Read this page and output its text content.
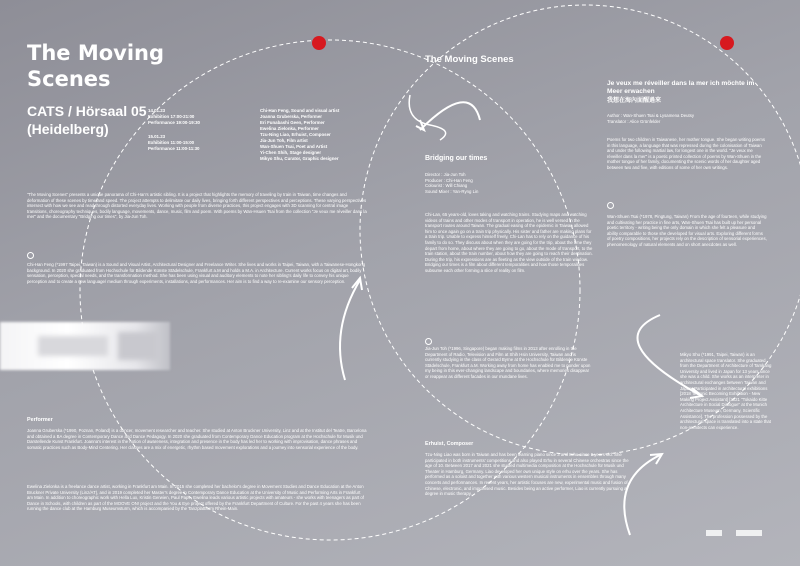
The Moving Scenes
CATS / Hörsaal 05 (Heidelberg)

14.01.23

Exhibition 17:00-21:00

Performance 19:00-19:30

15.01.23

Exhibition 11:00-15:00

Performance 11:00-11:30

Chi-Han Feng, Sound and visual artist

Joanna Gruberska, Performer

Eri Funabashi Geen, Performer

Ewelina Zielonka, Performer

Tzu-Ning Liao, Erhuist, Composer

Jia-Jun Toh, Film artist

Wan-Shuen Tsai, Poet and Artist

Yi-Chen Shih, Stage designer

Mikyo Shu, Curator, Graphic designer

"The Moving Scenes" presents a unique panorama of Chi-Han's artistic sibling. It is a project that highlights the memory of traveling by train in Taiwan, time changes and deformation of these scenes by time and speed. The project attempts to delimitate our daily lives, bringing forth different perspectives and perceptions. These varying perspectives intersect with how we see and read through distorted everyday lives. Working with people from diverse practices, this project engages with 3D scanning for central image transitions, choreography techniques, bodily language, movements, dance, music, film and poem. With poems by Wan-Hsuen Tsai from the collection "Je veux me réveiller dans la mer" and the documentary "Bridging our times", by Jia-Jun Toh.

Chi-Han Feng (*1997 Taipei, Taiwan) is a Sound and Visual Artist, Architectural Designer and Freelance Writer. She lives and works in Taipei, Taiwan, with a Taiwanese-Hongkong background. In 2020 she graduated from Hochschule für Bildende Künste Städelschule, Frankfurt a.M and holds a M.A. in Architecture. Current works focus on digital art, bodily sensation, perception, special needs, and the transformation method. She has been using visual and auditory elements to note her sibling's daily life to convey his unique perception and to create a new language/ medium through experiments, installations, and performances. Her aim is to find a way to re-examine our sensory perception.

Performer

Joanna Gruberska (*1990, Poznan, Poland) is a dancer, movement researcher and teacher. She studied at Anton Bruckner University, Linz and at the Institut del Teatre, Barcelona and obtained a BA degree in Contemporary Dance and Dance Pedagogy. In 2020 she graduated from Contemporary Dance Education program at the Hochschule für Musik und Darstellende Kunst Frankfurt. Joanna's interest in the notion of awareness, integration and presence in the body has led her to working with improvisation, dance phrases and somatic practices such as Body-Mind Centering. Her classes are a mix of energetic, rhythm based movement explorations and a journey into sensorial experience of the body.

Ewelina Zielonka is a freelance dance artist, working in Frankfurt am Main. In 2015 she completed her bachelor's degree in Movement Studies and Dance Education at the Anton Bruckner Private University (Linz/AT), and in 2019 completed her Master's degree in Contemporary Dance Education at the University of Music and Performing Arts in Frankfurt am Main. In addition to choreographic work with Hella Lux, Kristin Gerwien, Paul Pape, Ewelina leads various artistic projects with amateurs - she works with teenagers as part of Dance in Schools, with children as part of the MOOVE ON! project and the You & Eye project offered by the Frankfurt Department of Culture. For the past 4 years she has been running the dance club at the Hamburg Museumsturm, which is accompanied by the Tanzplattform Rhein-Main.

The Moving Scenes
Bridging our times

Director : Jia-Jun Toh

Producer : Chi-Han Feng

Colourist : Will Chiang

Sound Mixer : Yan-Ryng Lin

Chi-Lan, 65 years-old, loves taking and watching trains. Studying maps and watching videos of trains and other modes of transport in operation, he is well versed in the transport routes around Taiwan. The gradual easing of the epidemic in Taiwan allowed him to once again go on a train trip physically. His sister and father are making plans for a train trip. Unable to express himself freely, Chi-Lan has to rely on the guidance of his family to do so. They discuss about when they are going for the trip, about the time they depart from home, about where they are going to go, about the mode of transport, to the train station, about the train number, about how they are going to reach their destination. During the trip, his expressions are as fleeting as the view outside of the train window. Bridging our times is a film about different temporalities and how those temporalities subsume each other forming a slice of reality on film.

Jia-Jun Toh (*1996, Singapore) began making films in 2013 after enrolling in the Department of Radio, Television and Film at Shih Hsin University, Taiwan and is currently studying in the class of Gerard Byrne at the Hochschule für Bildende Künste Städelschule, Frankfurt a.M. Working away from home has enabled me to ponder upon my being in this ever-changing landscape and boundaries, where memories disappear or reappear as different facades in our mundane lives.

Erhuist, Composer

Tzu-Ning Liao was born in Taiwan and has been learning piano since 3 and Erhu since 9 years old. She participated in both instruments' competitions and also played Erhu in several Chinese orchestras since the age of 10. Between 2017 and 2021 she studied multimedia composition at the Hochschule für Musik und Theater in Hamburg, Germany. Liao developed her own unique style on erhu over the years. She has performed as a soloist and together with various western musical instruments in ensembles through many concerts and performances. In recent years, her artistic focuses are new, experimental music and fusion of Chinese, electronic, and improvised music. Besides being an active performer, Liao is currently pursuing a degree in music therapy.

Je veux me réveiller dans la mer ich möchte im Meer erwachen
我想在海內面醒過來

Author : Wan-Shuen Tsai & Lysamena Deutsy

Translator : Alice Grünfelder

Poems for two children in Taiwanese, her mother tongue. She began writing poems in this language, a language that was repressed during the colonisation of Taiwan and under the following martial law, for longest one in the world. "Je veux me réveiller dans la mer" is a poetic printed collection of poems by Wan-Shuen in the mother tongue of her family, documenting the scenic words of her daughter aged between two and five, with editions of some of her own writings.

Wan-Shuen Tsai (*1978, Pingtung, Taiwan) From the age of fourteen, while studying and cultivating her practice in fine arts, Wan-Shuen Tsai has built up her personal poetic territory - writing being the only domain in which she felt a pleasure and ability comparable to those she developed for visual arts. Exploring different forms of poetry compositions, her projects rely on the description of sensorial experiences, phenomenology of natural elements and on short anecdotes as well.

Mikyo Shu (*1991, Taipei, Taiwan) is an architectural space translator. She graduated from the Department of Architecture of Tamkang University and lived in Japan for 13 years since she was a child. She works as an interpreter in architectural exchanges between Taiwan and Japan. Participated in architectural exhibitions [2018 Tectonic Becoming Exhibition - New Making Project Assistant] [2021 "Tokaido Kitte Architecture in Social Dialogue" at the Munich Architecture Museum, Germany, Scientific Assistance]. The profession possessed by the architectural space is translated into a state that non-architects can experience.
